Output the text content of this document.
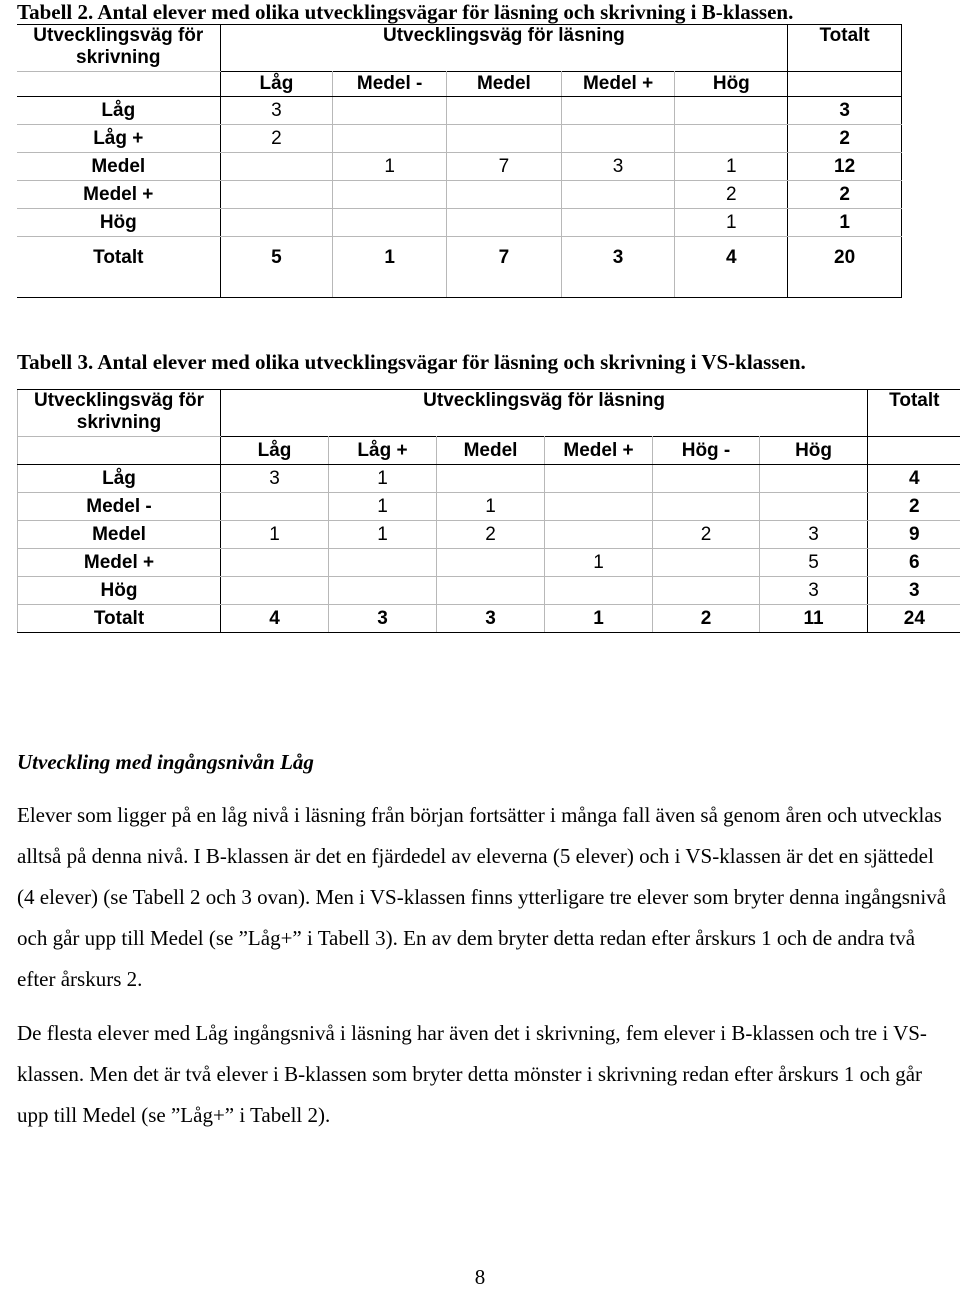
Tabell 2. Antal elever med olika utvecklingsvägar för läsning och skrivning i B-klassen.
Utvecklingsväg för skrivning	Utvecklingsväg för läsning					Totalt
	Låg	Medel -	Medel	Medel +	Hög	
Låg	3					3
Låg +	2					2
Medel		1	7	3	1	12
Medel +					2	2
Hög					1	1
Totalt	5	1	7	3	4	20
Tabell 3. Antal elever med olika utvecklingsvägar för läsning och skrivning i VS-klassen.
Utvecklingsväg för skrivning	Utvecklingsväg för läsning						Totalt
	Låg	Låg +	Medel	Medel +	Hög -	Hög	
Låg	3	1					4
Medel -		1	1				2
Medel	1	1	2		2	3	9
Medel +				1		5	6
Hög						3	3
Totalt	4	3	3	1	2	11	24
Utveckling med ingångsnivån Låg

Elever som ligger på en låg nivå i läsning från början fortsätter i många fall även så genom åren och utvecklas alltså på denna nivå. I B-klassen är det en fjärdedel av eleverna (5 elever) och i VS-klassen är det en sjättedel (4 elever) (se Tabell 2 och 3 ovan). Men i VS-klassen finns ytterligare tre elever som bryter denna ingångsnivå och går upp till Medel (se ”Låg+” i Tabell 3). En av dem bryter detta redan efter årskurs 1 och de andra två efter årskurs 2.

De flesta elever med Låg ingångsnivå i läsning har även det i skrivning, fem elever i B-klassen och tre i VS-klassen. Men det är två elever i B-klassen som bryter detta mönster i skrivning redan efter årskurs 1 och går upp till Medel (se ”Låg+” i Tabell 2).

8
